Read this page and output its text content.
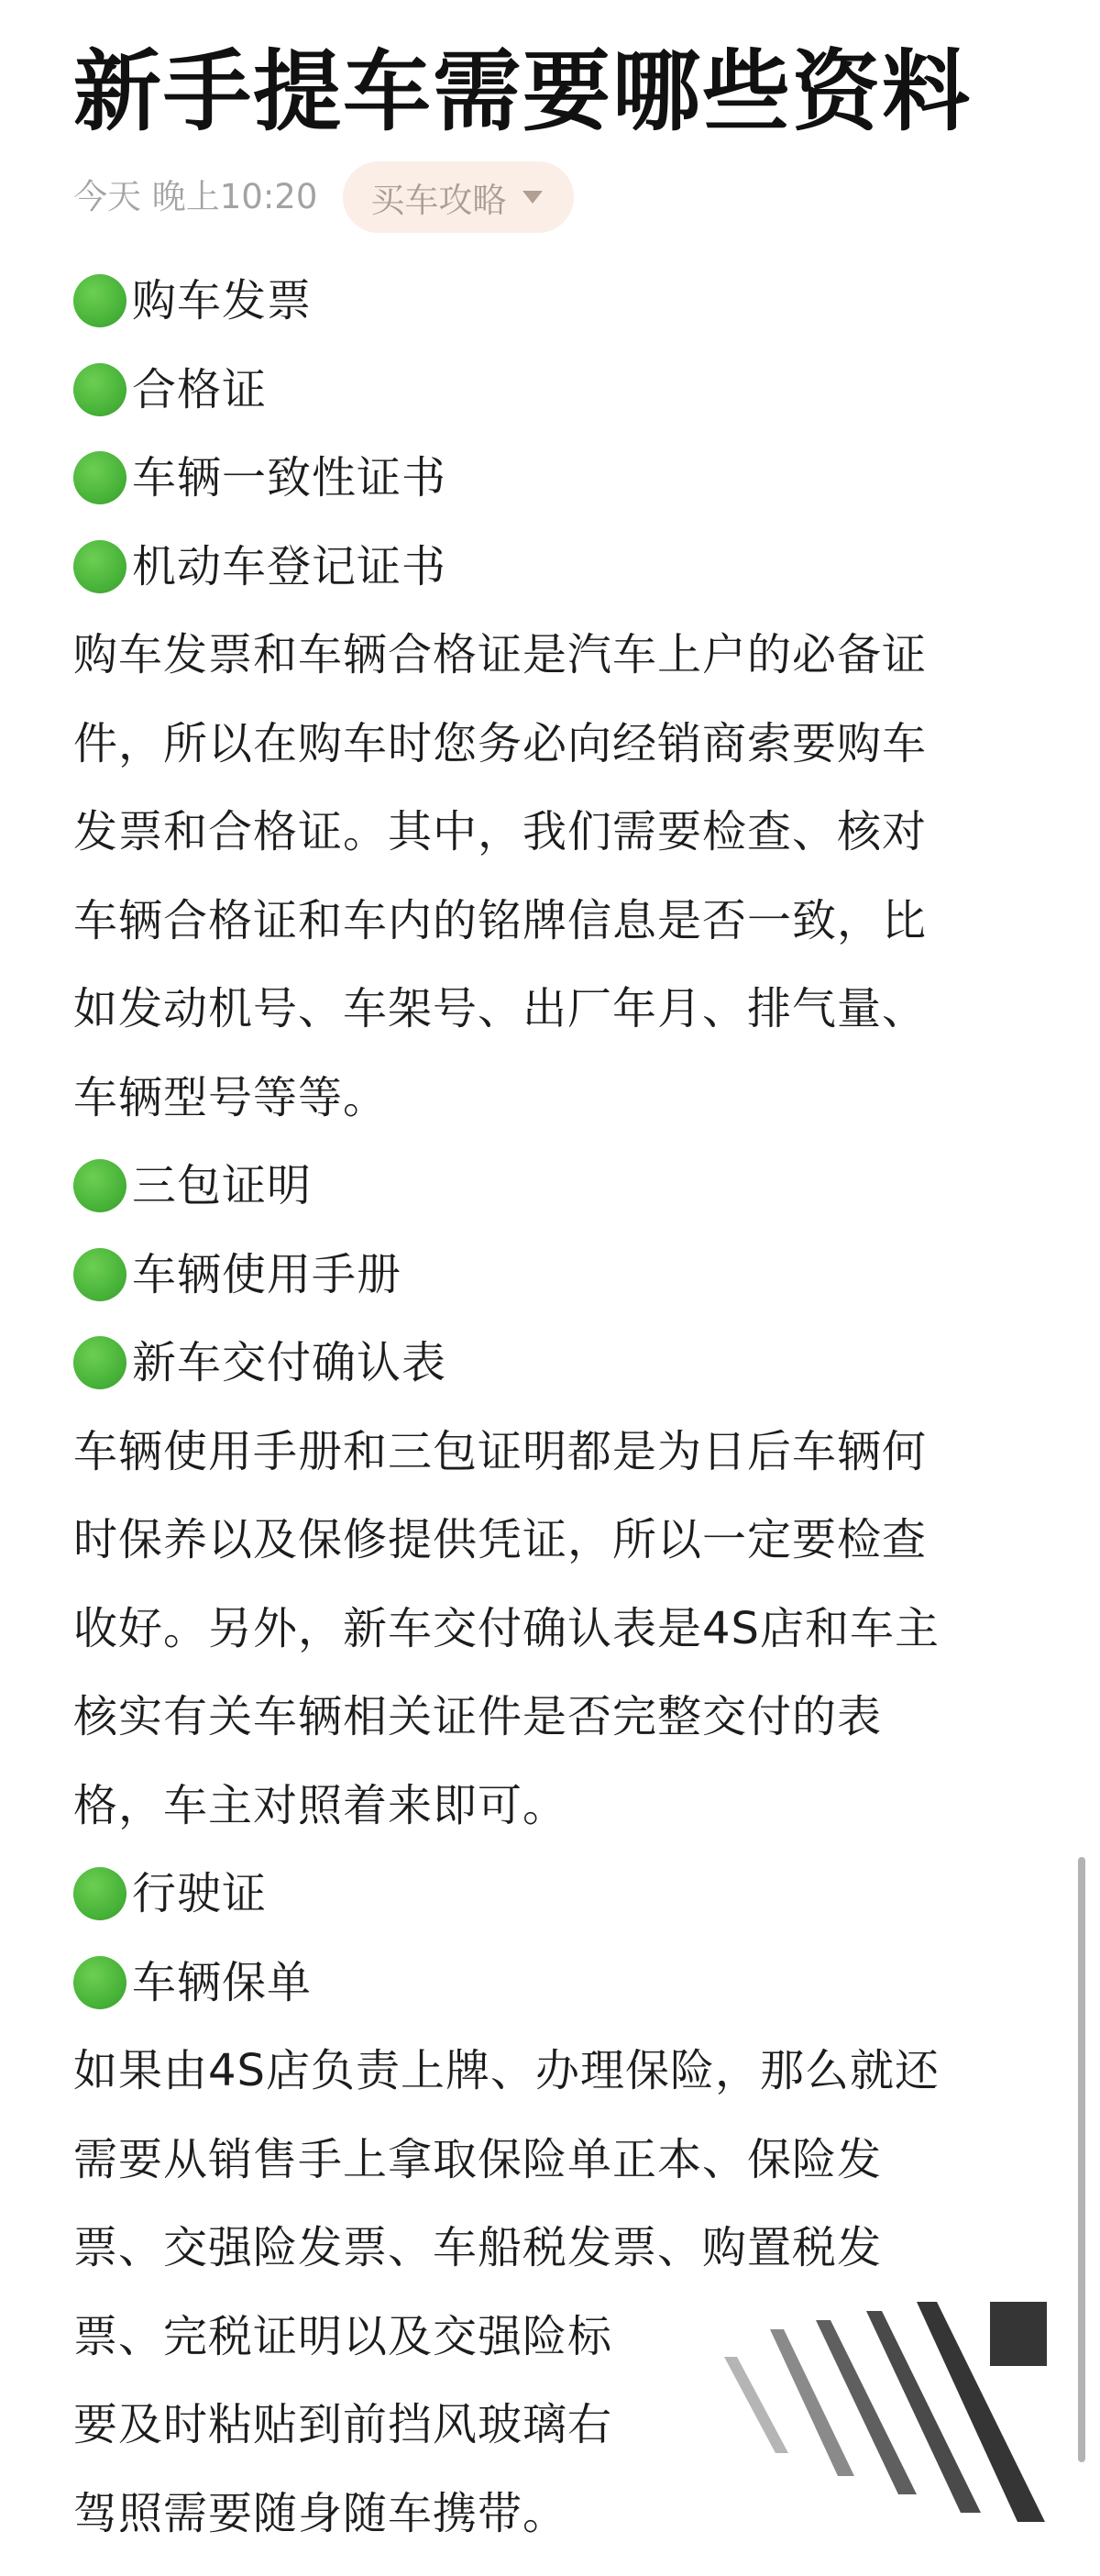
新手提车需要哪些资料
今天 晚上10:20 买车攻略
购车发票
合格证
车辆一致性证书
机动车登记证书
购车发票和车辆合格证是汽车上户的必备证
件，所以在购车时您务必向经销商索要购车
发票和合格证。其中，我们需要检查、核对
车辆合格证和车内的铭牌信息是否一致，比
如发动机号、车架号、出厂年月、排气量、
车辆型号等等。
三包证明
车辆使用手册
新车交付确认表
车辆使用手册和三包证明都是为日后车辆何
时保养以及保修提供凭证，所以一定要检查
收好。另外，新车交付确认表是4S店和车主
核实有关车辆相关证件是否完整交付的表
格，车主对照着来即可。
行驶证
车辆保单
如果由4S店负责上牌、办理保险，那么就还
需要从销售手上拿取保险单正本、保险发
票、交强险发票、车船税发票、购置税发
票、完税证明以及交强险标
要及时粘贴到前挡风玻璃右
驾照需要随身随车携带。
